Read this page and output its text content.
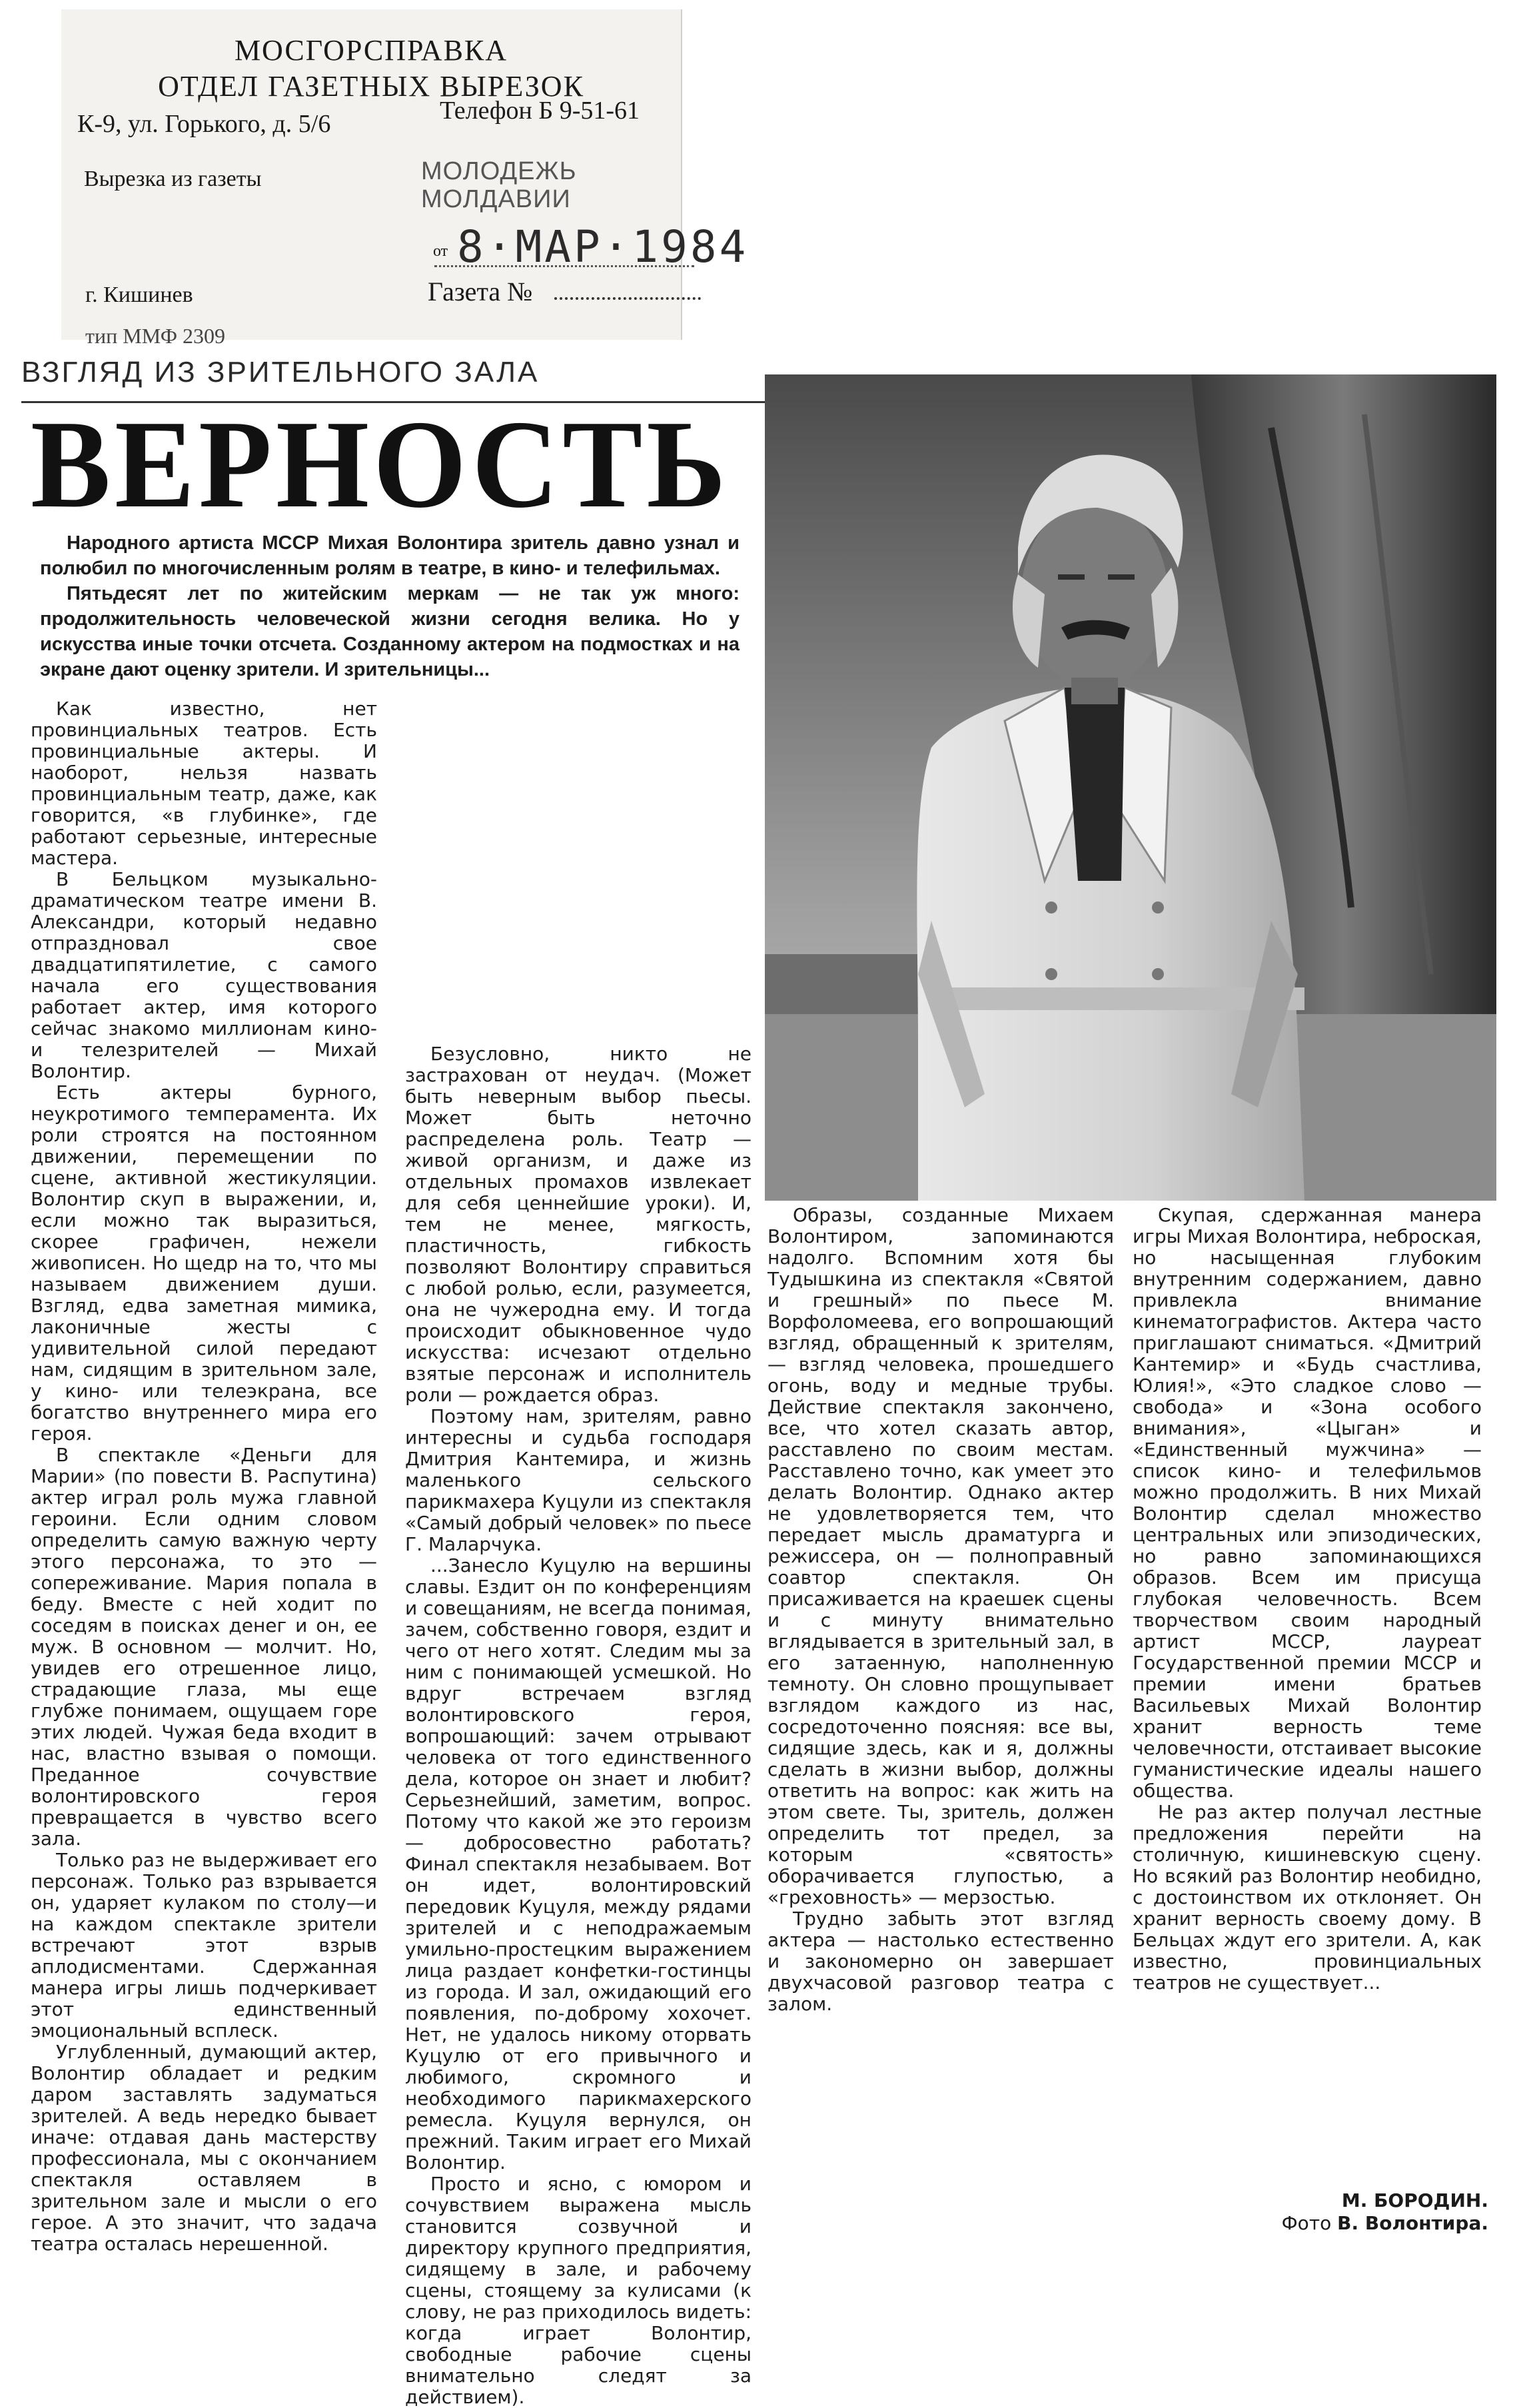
МОСГОРСПРАВКА
ОТДЕЛ ГАЗЕТНЫХ ВЫРЕЗОК
К-9, ул. Горького, д. 5/6	Телефон Б 9-51-61
Вырезка из газеты	МОЛОДЕЖЬ МОЛДАВИИ
от 8·МАР·1984
г. Кишинев	Газета №
тип ММФ 2309
ВЗГЛЯД ИЗ ЗРИТЕЛЬНОГО ЗАЛА
ВЕРНОСТЬ

Народного артиста МССР Михая Волонтира зритель давно узнал и полюбил по многочисленным ролям в театре, в кино- и телефильмах.

Пятьдесят лет по житейским меркам — не так уж много: продолжительность человеческой жизни сегодня велика. Но у искусства иные точки отсчета. Созданному актером на подмостках и на экране дают оценку зрители. И зрительницы...

Как известно, нет провинциальных театров. Есть провинциальные актеры. И наоборот, нельзя назвать провинциальным театр, даже, как говорится, «в глубинке», где работают серьезные, интересные мастера.

В Бельцком музыкально-драматическом театре имени В. Александри, который недавно отпраздновал свое двадцатипятилетие, с самого начала его существования работает актер, имя которого сейчас знакомо миллионам кино- и телезрителей — Михай Волонтир.

Есть актеры бурного, неукротимого темперамента. Их роли строятся на постоянном движении, перемещении по сцене, активной жестикуляции. Волонтир скуп в выражении, и, если можно так выразиться, скорее графичен, нежели живописен. Но щедр на то, что мы называем движением души. Взгляд, едва заметная мимика, лаконичные жесты с удивительной силой передают нам, сидящим в зрительном зале, у кино- или телеэкрана, все богатство внутреннего мира его героя.

В спектакле «Деньги для Марии» (по повести В. Распутина) актер играл роль мужа главной героини. Если одним словом определить самую важную черту этого персонажа, то это — сопереживание. Мария попала в беду. Вместе с ней ходит по соседям в поисках денег и он, ее муж. В основном — молчит. Но, увидев его отрешенное лицо, страдающие глаза, мы еще глубже понимаем, ощущаем горе этих людей. Чужая беда входит в нас, властно взывая о помощи. Преданное сочувствие волонтировского героя превращается в чувство всего зала.

Только раз не выдерживает его персонаж. Только раз взрывается он, ударяет кулаком по столу—и на каждом спектакле зрители встречают этот взрыв аплодисментами. Сдержанная манера игры лишь подчеркивает этот единственный эмоциональный всплеск.

Углубленный, думающий актер, Волонтир обладает и редким даром заставлять задуматься зрителей. А ведь нередко бывает иначе: отдавая дань мастерству профессионала, мы с окончанием спектакля оставляем в зрительном зале и мысли о его герое. А это значит, что задача театра осталась нерешенной.

Безусловно, никто не застрахован от неудач. (Может быть неверным выбор пьесы. Может быть неточно распределена роль. Театр — живой организм, и даже из отдельных промахов извлекает для себя ценнейшие уроки). И, тем не менее, мягкость, пластичность, гибкость позволяют Волонтиру справиться с любой ролью, если, разумеется, она не чужеродна ему. И тогда происходит обыкновенное чудо искусства: исчезают отдельно взятые персонаж и исполнитель роли — рождается образ.

Поэтому нам, зрителям, равно интересны и судьба господаря Дмитрия Кантемира, и жизнь маленького сельского парикмахера Куцули из спектакля «Самый добрый человек» по пьесе Г. Маларчука.

...Занесло Куцулю на вершины славы. Ездит он по конференциям и совещаниям, не всегда понимая, зачем, собственно говоря, ездит и чего от него хотят. Следим мы за ним с понимающей усмешкой. Но вдруг встречаем взгляд волонтировского героя, вопрошающий: зачем отрывают человека от того единственного дела, которое он знает и любит? Серьезнейший, заметим, вопрос. Потому что какой же это героизм — добросовестно работать? Финал спектакля незабываем. Вот он идет, волонтировский передовик Куцуля, между рядами зрителей и с неподражаемым умильно-простецким выражением лица раздает конфетки-гостинцы из города. И зал, ожидающий его появления, по-доброму хохочет. Нет, не удалось никому оторвать Куцулю от его привычного и любимого, скромного и необходимого парикмахерского ремесла. Куцуля вернулся, он прежний. Таким играет его Михай Волонтир.

Просто и ясно, с юмором и сочувствием выражена мысль становится созвучной и директору крупного предприятия, сидящему в зале, и рабочему сцены, стоящему за кулисами (к слову, не раз приходилось видеть: когда играет Волонтир, свободные рабочие сцены внимательно следят за действием).

Образы, созданные Михаем Волонтиром, запоминаются надолго. Вспомним хотя бы Тудышкина из спектакля «Святой и грешный» по пьесе М. Ворфоломеева, его вопрошающий взгляд, обращенный к зрителям, — взгляд человека, прошедшего огонь, воду и медные трубы. Действие спектакля закончено, все, что хотел сказать автор, расставлено по своим местам. Расставлено точно, как умеет это делать Волонтир. Однако актер не удовлетворяется тем, что передает мысль драматурга и режиссера, он — полноправный соавтор спектакля. Он присаживается на краешек сцены и с минуту внимательно вглядывается в зрительный зал, в его затаенную, наполненную темноту. Он словно прощупывает взглядом каждого из нас, сосредоточенно поясняя: все вы, сидящие здесь, как и я, должны сделать в жизни выбор, должны ответить на вопрос: как жить на этом свете. Ты, зритель, должен определить тот предел, за которым «святость» оборачивается глупостью, а «греховность» — мерзостью.

Трудно забыть этот взгляд актера — настолько естественно и закономерно он завершает двухчасовой разговор театра с залом.

Скупая, сдержанная манера игры Михая Волонтира, неброская, но насыщенная глубоким внутренним содержанием, давно привлекла внимание кинематографистов. Актера часто приглашают сниматься. «Дмитрий Кантемир» и «Будь счастлива, Юлия!», «Это сладкое слово — свобода» и «Зона особого внимания», «Цыган» и «Единственный мужчина» — список кино- и телефильмов можно продолжить. В них Михай Волонтир сделал множество центральных или эпизодических, но равно запоминающихся образов. Всем им присуща глубокая человечность. Всем творчеством своим народный артист МССР, лауреат Государственной премии МССР и премии имени братьев Васильевых Михай Волонтир хранит верность теме человечности, отстаивает высокие гуманистические идеалы нашего общества.

Не раз актер получал лестные предложения перейти на столичную, кишиневскую сцену. Но всякий раз Волонтир необидно, с достоинством их отклоняет. Он хранит верность своему дому. В Бельцах ждут его зрители. А, как известно, провинциальных театров не существует...

М. БОРОДИН.
Фото В. Волонтира.
